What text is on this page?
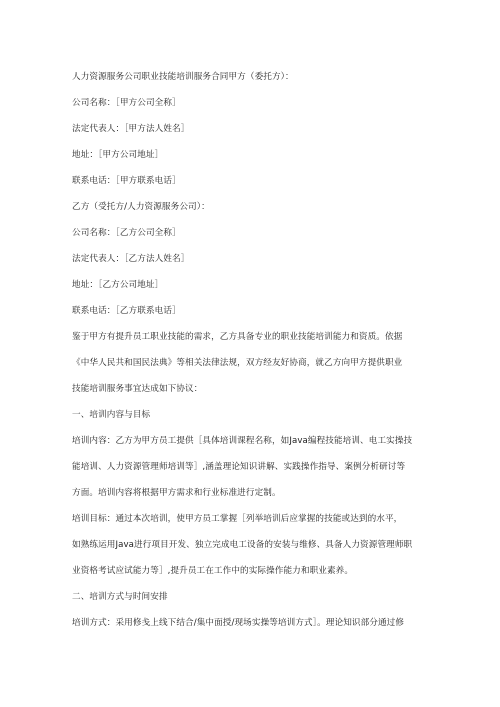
人力资源服务公司职业技能培训服务合同甲方（委托方）：
公司名称：［甲方公司全称］
法定代表人：［甲方法人姓名］
地址：［甲方公司地址］
联系电话：［甲方联系电话］
乙方（受托方/人力资源服务公司）：
公司名称：［乙方公司全称］
法定代表人：［乙方法人姓名］
地址：［乙方公司地址］
联系电话：［乙方联系电话］
鉴于甲方有提升员工职业技能的需求，乙方具备专业的职业技能培训能力和资质。依据
《中华人民共和国民法典》等相关法律法规，双方经友好协商，就乙方向甲方提供职业
技能培训服务事宜达成如下协议：
一、培训内容与目标
培训内容：乙方为甲方员工提供［具体培训课程名称，如Java编程技能培训、电工实操技
能培训、人力资源管理师培训等］,涵盖理论知识讲解、实践操作指导、案例分析研讨等
方面。培训内容将根据甲方需求和行业标准进行定制。
培训目标：通过本次培训，使甲方员工掌握［列举培训后应掌握的技能或达到的水平，
如熟练运用Java进行项目开发、独立完成电工设备的安装与维修、具备人力资源管理师职
业资格考试应试能力等］,提升员工在工作中的实际操作能力和职业素养。
二、培训方式与时间安排
培训方式：采用修戋上线下结合/集中面授/现场实操等培训方式］。理论知识部分通过修
